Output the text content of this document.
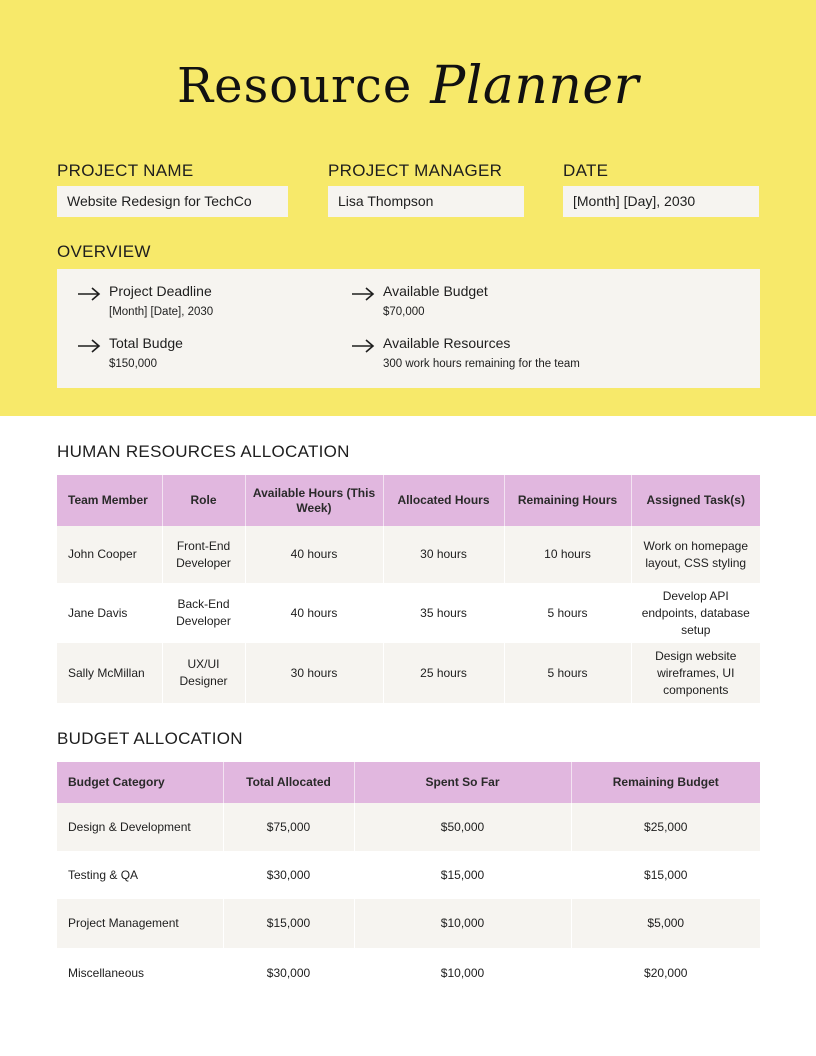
Resource Planner
PROJECT NAME
Website Redesign for TechCo
PROJECT MANAGER
Lisa Thompson
DATE
[Month] [Day], 2030
OVERVIEW
Project Deadline
[Month] [Date], 2030
Available Budget
$70,000
Total Budge
$150,000
Available Resources
300 work hours remaining for the team
HUMAN RESOURCES ALLOCATION
Team Member	Role	Available Hours (This Week)	Allocated Hours	Remaining Hours	Assigned Task(s)
John Cooper	Front-End Developer	40 hours	30 hours	10 hours	Work on homepage layout, CSS styling
Jane Davis	Back-End Developer	40 hours	35 hours	5 hours	Develop API endpoints, database setup
Sally McMillan	UX/UI Designer	30 hours	25 hours	5 hours	Design website wireframes, UI components
BUDGET ALLOCATION
Budget Category	Total Allocated	Spent So Far	Remaining Budget
Design & Development	$75,000	$50,000	$25,000
Testing & QA	$30,000	$15,000	$15,000
Project Management	$15,000	$10,000	$5,000
Miscellaneous	$30,000	$10,000	$20,000
